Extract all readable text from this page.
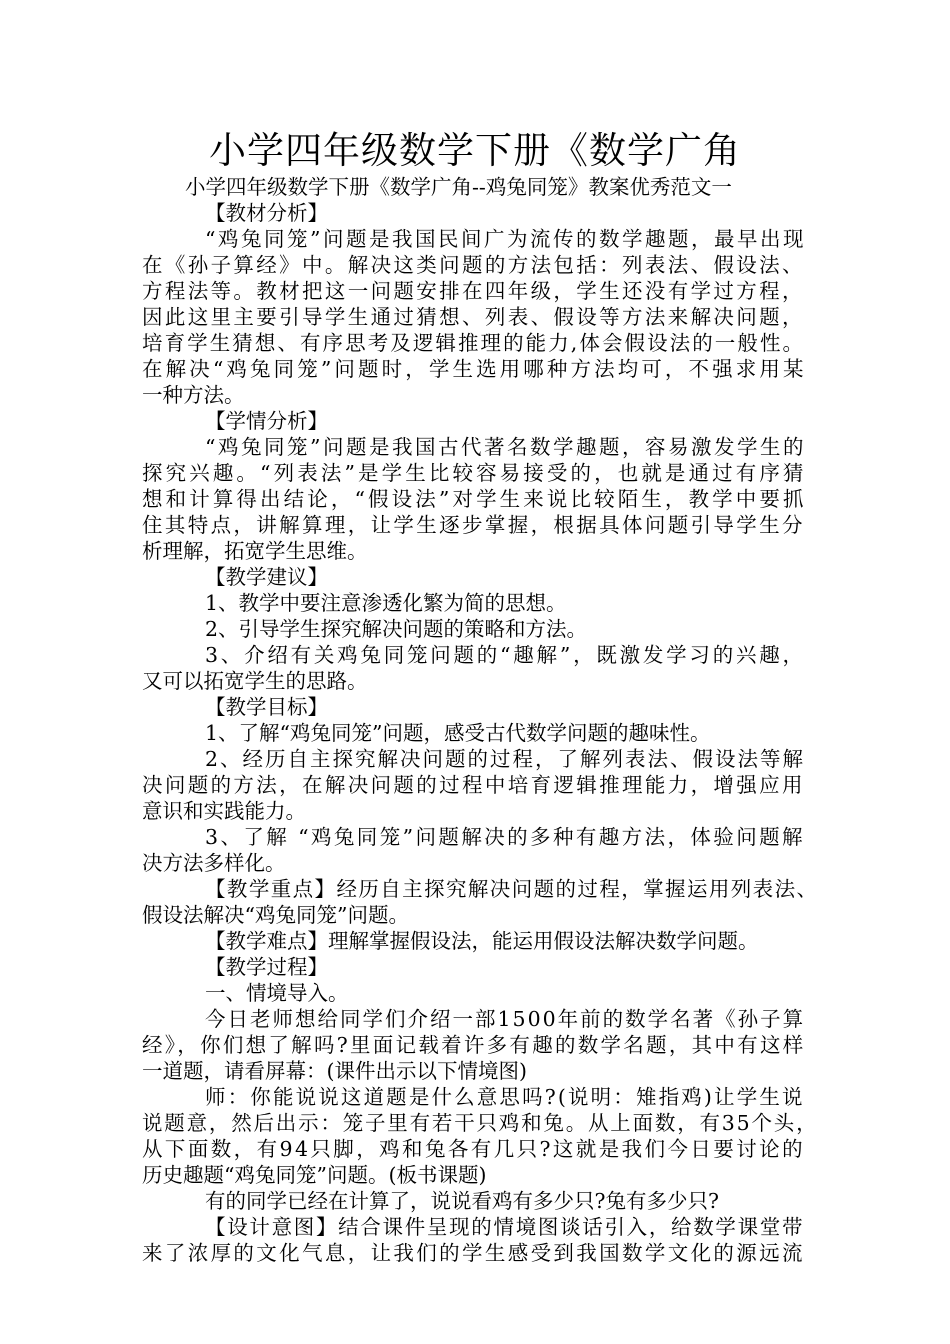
小学四年级数学下册《数学广角
小学四年级数学下册《数学广角--鸡兔同笼》教案优秀范文一
【教材分析】
“鸡兔同笼”问题是我国民间广为流传的数学趣题，最早出现
在《孙子算经》中。解决这类问题的方法包括：列表法、假设法、
方程法等。教材把这一问题安排在四年级，学生还没有学过方程，
因此这里主要引导学生通过猜想、列表、假设等方法来解决问题，
培育学生猜想、有序思考及逻辑推理的能力,体会假设法的一般性。
在解决“鸡兔同笼”问题时，学生选用哪种方法均可，不强求用某
一种方法。
【学情分析】
“鸡兔同笼”问题是我国古代著名数学趣题，容易激发学生的
探究兴趣。“列表法”是学生比较容易接受的，也就是通过有序猜
想和计算得出结论，“假设法”对学生来说比较陌生，教学中要抓
住其特点，讲解算理，让学生逐步掌握，根据具体问题引导学生分
析理解，拓宽学生思维。
【教学建议】
1、教学中要注意渗透化繁为简的思想。
2、引导学生探究解决问题的策略和方法。
3、介绍有关鸡兔同笼问题的“趣解”，既激发学习的兴趣，
又可以拓宽学生的思路。
【教学目标】
1、了解“鸡兔同笼”问题，感受古代数学问题的趣味性。
2、经历自主探究解决问题的过程，了解列表法、假设法等解
决问题的方法，在解决问题的过程中培育逻辑推理能力，增强应用
意识和实践能力。
3、了解 “鸡兔同笼”问题解决的多种有趣方法，体验问题解
决方法多样化。
【教学重点】经历自主探究解决问题的过程，掌握运用列表法、
假设法解决“鸡兔同笼”问题。
【教学难点】理解掌握假设法，能运用假设法解决数学问题。
【教学过程】
一、情境导入。
今日老师想给同学们介绍一部1500年前的数学名著《孙子算
经》，你们想了解吗?里面记载着许多有趣的数学名题，其中有这样
一道题，请看屏幕：(课件出示以下情境图)
师：你能说说这道题是什么意思吗?(说明：雉指鸡)让学生说
说题意，然后出示：笼子里有若干只鸡和兔。从上面数，有35个头，
从下面数，有94只脚，鸡和兔各有几只?这就是我们今日要讨论的
历史趣题“鸡兔同笼”问题。(板书课题)
有的同学已经在计算了，说说看鸡有多少只?兔有多少只?
【设计意图】结合课件呈现的情境图谈话引入，给数学课堂带
来了浓厚的文化气息，让我们的学生感受到我国数学文化的源远流
